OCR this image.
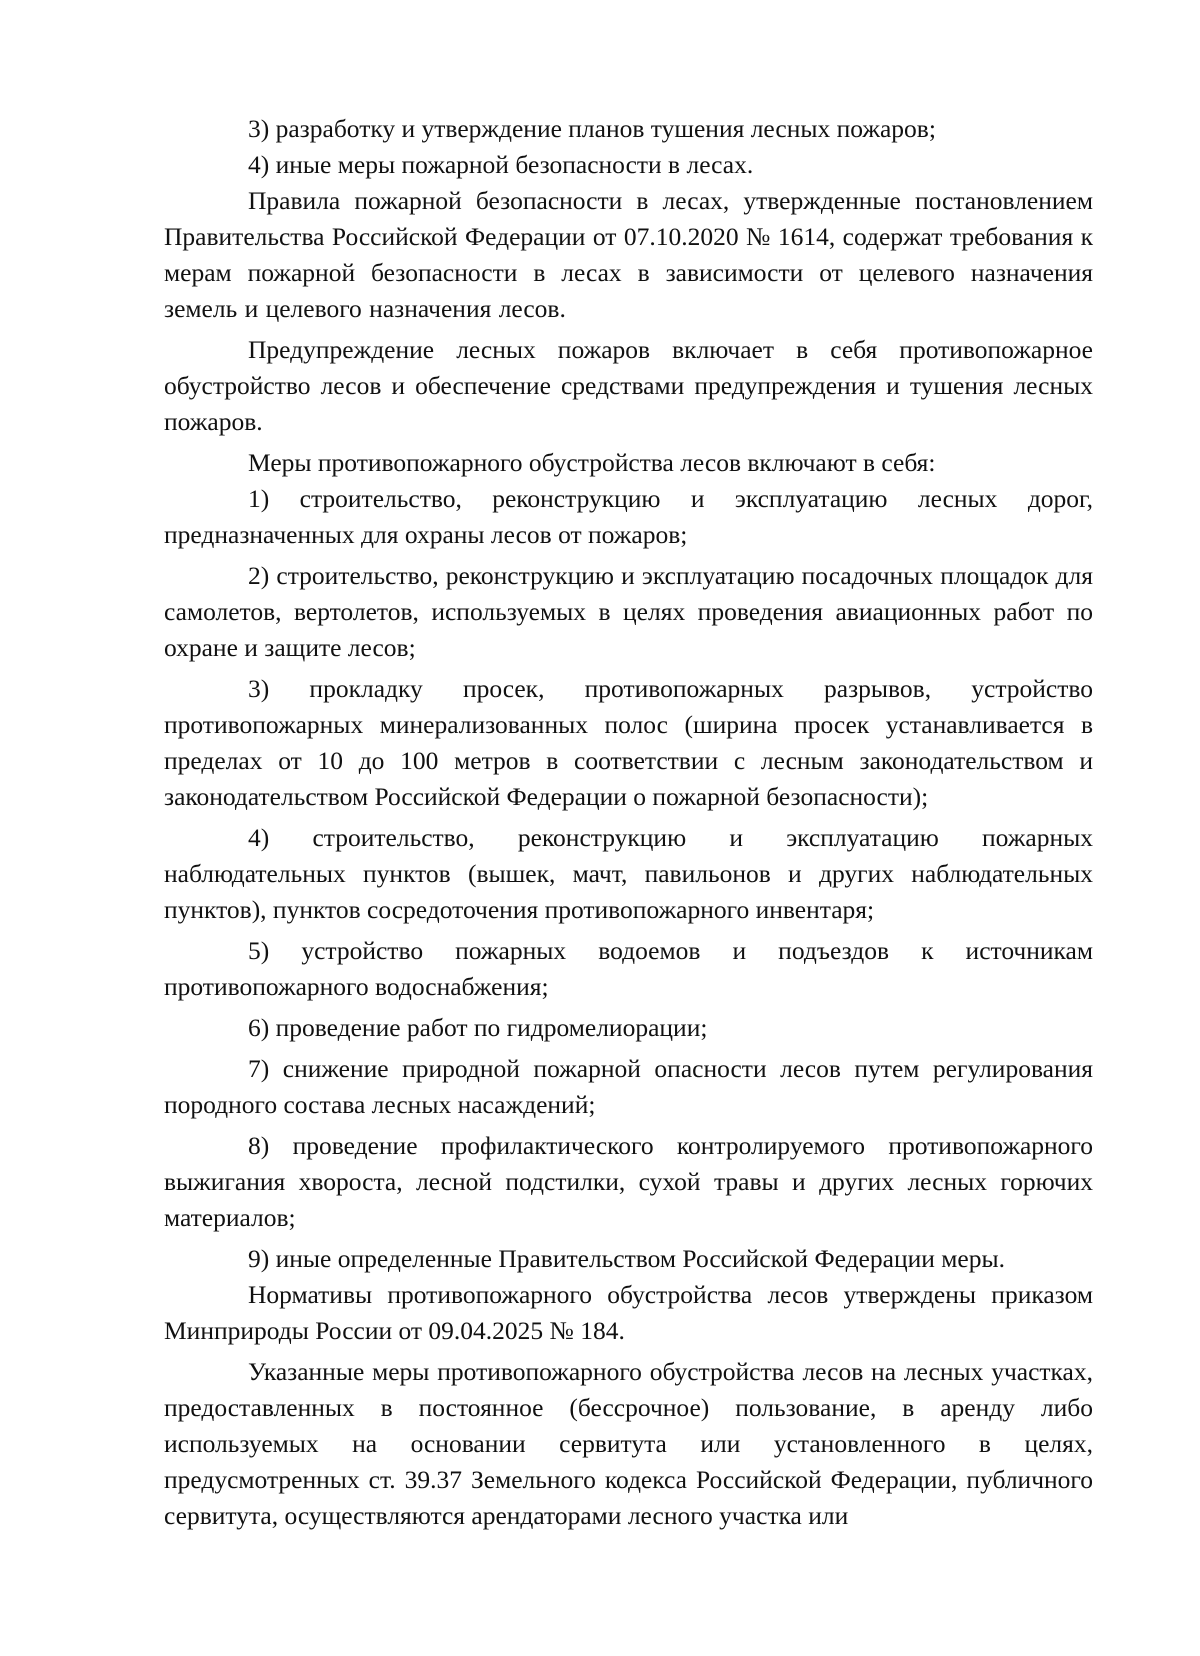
3) разработку и утверждение планов тушения лесных пожаров;

4) иные меры пожарной безопасности в лесах.

Правила пожарной безопасности в лесах, утвержденные постановлением Правительства Российской Федерации от 07.10.2020 № 1614, содержат требования к мерам пожарной безопасности в лесах в зависимости от целевого назначения земель и целевого назначения лесов.

Предупреждение лесных пожаров включает в себя противопожарное обустройство лесов и обеспечение средствами предупреждения и тушения лесных пожаров.

Меры противопожарного обустройства лесов включают в себя:

1) строительство, реконструкцию и эксплуатацию лесных дорог, предназначенных для охраны лесов от пожаров;

2) строительство, реконструкцию и эксплуатацию посадочных площадок для самолетов, вертолетов, используемых в целях проведения авиационных работ по охране и защите лесов;

3) прокладку просек, противопожарных разрывов, устройство противопожарных минерализованных полос (ширина просек устанавливается в пределах от 10 до 100 метров в соответствии с лесным законодательством и законодательством Российской Федерации о пожарной безопасности);

4) строительство, реконструкцию и эксплуатацию пожарных наблюдательных пунктов (вышек, мачт, павильонов и других наблюдательных пунктов), пунктов сосредоточения противопожарного инвентаря;

5) устройство пожарных водоемов и подъездов к источникам противопожарного водоснабжения;

6) проведение работ по гидромелиорации;

7) снижение природной пожарной опасности лесов путем регулирования породного состава лесных насаждений;

8) проведение профилактического контролируемого противопожарного выжигания хвороста, лесной подстилки, сухой травы и других лесных горючих материалов;

9) иные определенные Правительством Российской Федерации меры.

Нормативы противопожарного обустройства лесов утверждены приказом Минприроды России от 09.04.2025 № 184.

Указанные меры противопожарного обустройства лесов на лесных участках, предоставленных в постоянное (бессрочное) пользование, в аренду либо используемых на основании сервитута или установленного в целях, предусмотренных ст. 39.37 Земельного кодекса Российской Федерации, публичного сервитута, осуществляются арендаторами лесного участка или
